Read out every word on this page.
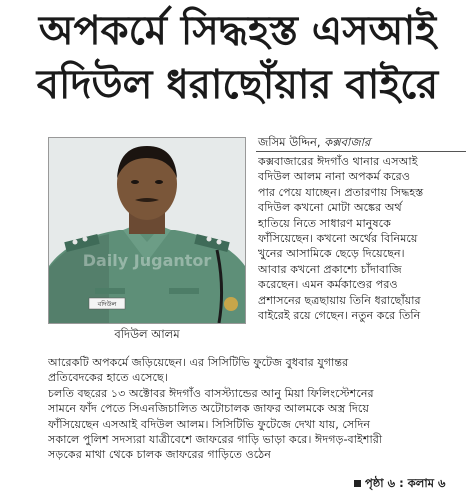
অপকর্মে সিদ্ধহস্ত এসআই
বদিউল ধরাছোঁয়ার বাইরে
Daily Jugantor
বদিউল
বদিউল আলম
জসিম উদ্দিন, কক্সবাজার
কক্সবাজারের ঈদগাঁও থানার এসআই
বদিউল আলম নানা অপকর্ম করেও
পার পেয়ে যাচ্ছেন। প্রতারণায় সিদ্ধহস্ত
বদিউল কখনো মোটা অঙ্কের অর্থ
হাতিয়ে নিতে সাধারণ মানুষকে
ফাঁসিয়েছেন। কখনো অর্থের বিনিময়ে
খুনের আসামিকে ছেড়ে দিয়েছেন।
আবার কখনো প্রকাশ্যে চাঁদাবাজি
করেছেন। এমন কর্মকাণ্ডের পরও
প্রশাসনের ছত্রছায়ায় তিনি ধরাছোঁয়ার
বাইরেই রয়ে গেছেন। নতুন করে তিনি
আরেকটি অপকর্মে জড়িয়েছেন। এর সিসিটিভি ফুটেজ বুধবার যুগান্তর
প্রতিবেদকের হাতে এসেছে।
চলতি বছরের ১৩ অক্টোবর ঈদগাঁও বাসস্ট্যান্ডের আনু মিয়া ফিলিংস্টেশনের
সামনে ফাঁদ পেতে সিএনজিচালিত অটোচালক জাফর আলমকে অস্ত্র দিয়ে
ফাঁসিয়েছেন এসআই বদিউল আলম। সিসিটিভি ফুটেজে দেখা যায়, সেদিন
সকালে পুলিশ সদস্যরা যাত্রীবেশে জাফরের গাড়ি ভাড়া করে। ঈদগড়-বাইশারী
সড়কের মাথা থেকে চালক জাফরের গাড়িতে ওঠেন
পৃষ্ঠা ৬ : কলাম ৬
